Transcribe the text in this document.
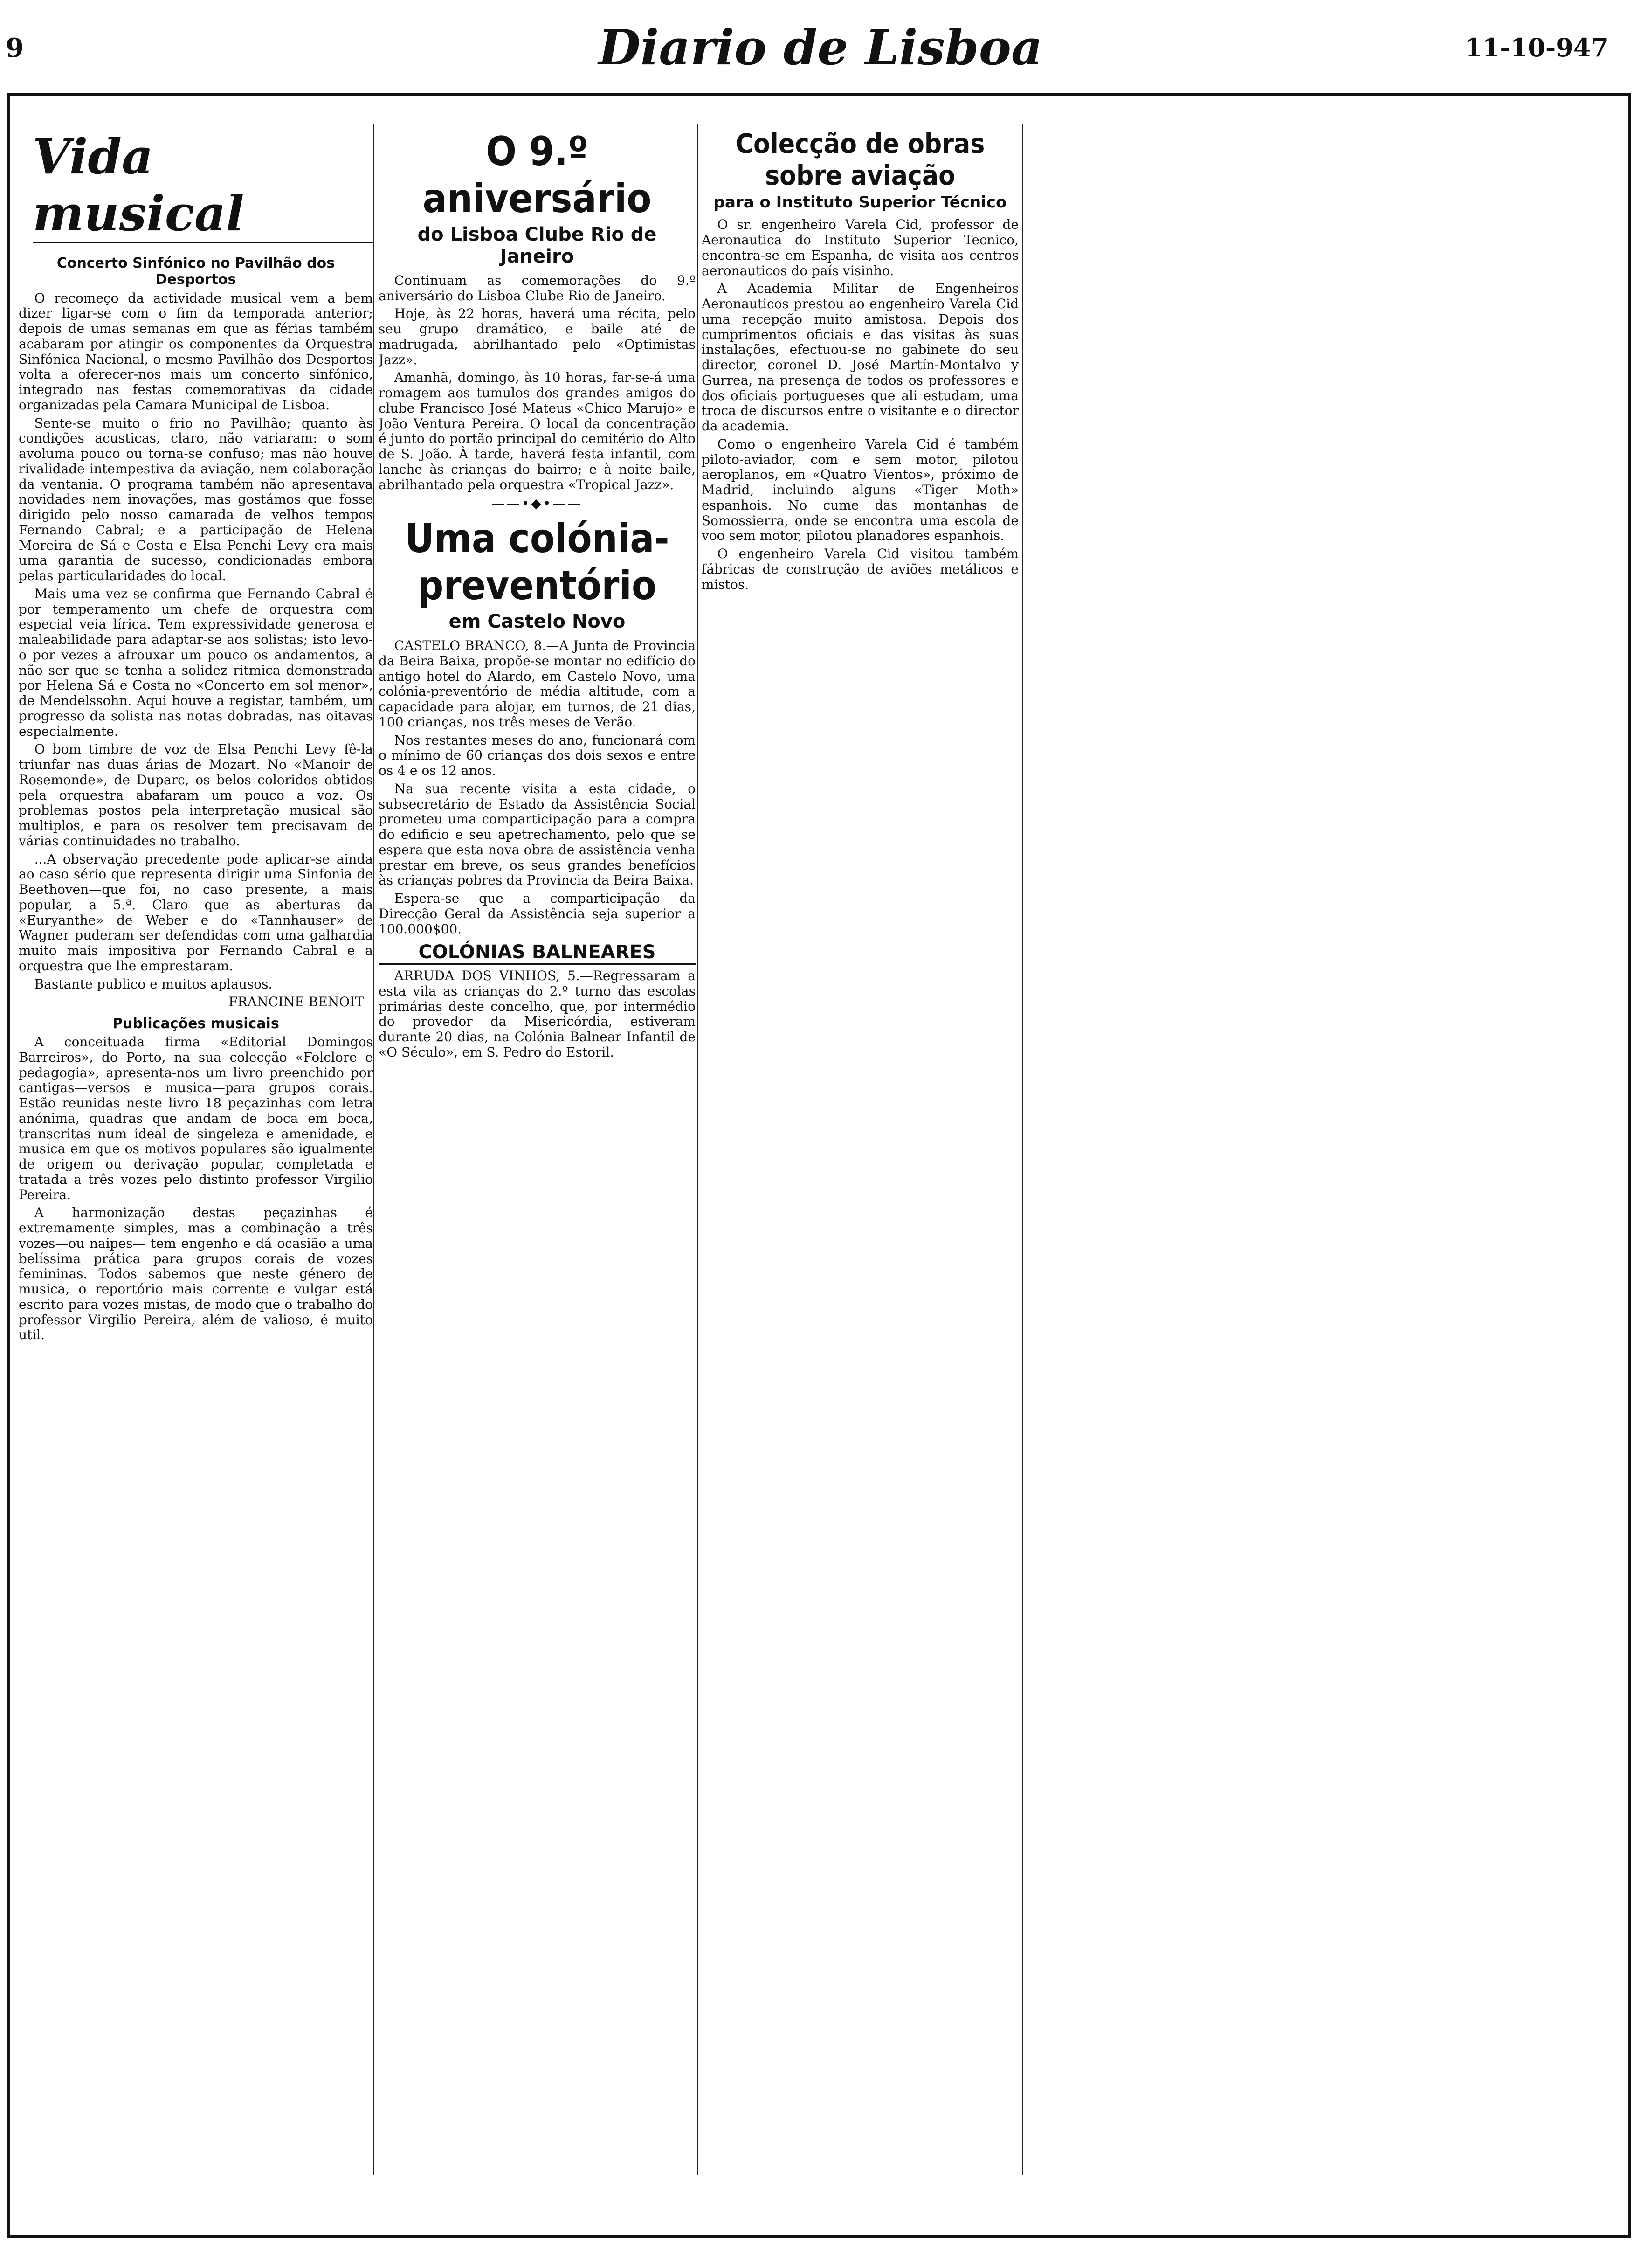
9	Diario de Lisboa	11-10-947
Vida musical
Concerto Sinfónico no Pavilhão dos Desportos

O recomeço da actividade musical vem a bem dizer ligar-se com o fim da temporada anterior; depois de umas semanas em que as férias também acabaram por atingir os componentes da Orquestra Sinfónica Nacional, o mesmo Pavilhão dos Desportos volta a oferecer-nos mais um concerto sinfónico, integrado nas festas comemorativas da cidade organizadas pela Camara Municipal de Lisboa.

Sente-se muito o frio no Pavilhão; quanto às condições acusticas, claro, não variaram: o som avoluma pouco ou torna-se confuso; mas não houve rivalidade intempestiva da aviação, nem colaboração da ventania. O programa também não apresentava novidades nem inovações, mas gostámos que fosse dirigido pelo nosso camarada de velhos tempos Fernando Cabral; e a participação de Helena Moreira de Sá e Costa e Elsa Penchi Levy era mais uma garantia de sucesso, condicionadas embora pelas particularidades do local.

Mais uma vez se confirma que Fernando Cabral é por temperamento um chefe de orquestra com especial veia lírica. Tem expressividade generosa e maleabilidade para adaptar-se aos solistas; isto levo-o por vezes a afrouxar um pouco os andamentos, a não ser que se tenha a solidez ritmica demonstrada por Helena Sá e Costa no «Concerto em sol menor», de Mendelssohn. Aqui houve a registar, também, um progresso da solista nas notas dobradas, nas oitavas especialmente.

O bom timbre de voz de Elsa Penchi Levy fê-la triunfar nas duas árias de Mozart. No «Manoir de Rosemonde», de Duparc, os belos coloridos obtidos pela orquestra abafaram um pouco a voz. Os problemas postos pela interpretação musical são multiplos, e para os resolver tem precisavam de várias continuidades no trabalho.

...A observação precedente pode aplicar-se ainda ao caso sério que representa dirigir uma Sinfonia de Beethoven—que foi, no caso presente, a mais popular, a 5.ª. Claro que as aberturas da «Euryanthe» de Weber e do «Tannhauser» de Wagner puderam ser defendidas com uma galhardia muito mais impositiva por Fernando Cabral e a orquestra que lhe emprestaram.

Bastante publico e muitos aplausos.

FRANCINE BENOIT
Publicações musicais

A conceituada firma «Editorial Domingos Barreiros», do Porto, na sua colecção «Folclore e pedagogia», apresenta-nos um livro preenchido por cantigas—versos e musica—para grupos corais. Estão reunidas neste livro 18 peçazinhas com letra anónima, quadras que andam de boca em boca, transcritas num ideal de singeleza e amenidade, e musica em que os motivos populares são igualmente de origem ou derivação popular, completada e tratada a três vozes pelo distinto professor Virgilio Pereira.

A harmonização destas peçazinhas é extremamente simples, mas a combinação a três vozes—ou naipes— tem engenho e dá ocasião a uma belíssima prática para grupos corais de vozes femininas. Todos sabemos que neste género de musica, o reportório mais corrente e vulgar está escrito para vozes mistas, de modo que o trabalho do professor Virgilio Pereira, além de valioso, é muito util.

O 9.º aniversário
do Lisboa Clube Rio de Janeiro

Continuam as comemorações do 9.º aniversário do Lisboa Clube Rio de Janeiro.

Hoje, às 22 horas, haverá uma récita, pelo seu grupo dramático, e baile até de madrugada, abrilhantado pelo «Optimistas Jazz».

Amanhã, domingo, às 10 horas, far-se-á uma romagem aos tumulos dos grandes amigos do clube Francisco José Mateus «Chico Marujo» e João Ventura Pereira. O local da concentração é junto do portão principal do cemitério do Alto de S. João. À tarde, haverá festa infantil, com lanche às crianças do bairro; e à noite baile, abrilhantado pela orquestra «Tropical Jazz».

——•◆•——
Uma colónia-preventório
em Castelo Novo

CASTELO BRANCO, 8.—A Junta de Provincia da Beira Baixa, propõe-se montar no edifício do antigo hotel do Alardo, em Castelo Novo, uma colónia-preventório de média altitude, com a capacidade para alojar, em turnos, de 21 dias, 100 crianças, nos três meses de Verão.

Nos restantes meses do ano, funcionará com o mínimo de 60 crianças dos dois sexos e entre os 4 e os 12 anos.

Na sua recente visita a esta cidade, o subsecretário de Estado da Assistência Social prometeu uma comparticipação para a compra do edificio e seu apetrechamento, pelo que se espera que esta nova obra de assistência venha prestar em breve, os seus grandes benefícios às crianças pobres da Provincia da Beira Baixa.

Espera-se que a comparticipação da Direcção Geral da Assistência seja superior a 100.000$00.

COLÓNIAS BALNEARES

ARRUDA DOS VINHOS, 5.—Regressaram a esta vila as crianças do 2.º turno das escolas primárias deste concelho, que, por intermédio do provedor da Misericórdia, estiveram durante 20 dias, na Colónia Balnear Infantil de «O Século», em S. Pedro do Estoril.

Colecção de obras sobre aviação
para o Instituto Superior Técnico

O sr. engenheiro Varela Cid, professor de Aeronautica do Instituto Superior Tecnico, encontra-se em Espanha, de visita aos centros aeronauticos do país visinho.

A Academia Militar de Engenheiros Aeronauticos prestou ao engenheiro Varela Cid uma recepção muito amistosa. Depois dos cumprimentos oficiais e das visitas às suas instalações, efectuou-se no gabinete do seu director, coronel D. José Martín-Montalvo y Gurrea, na presença de todos os professores e dos oficiais portugueses que ali estudam, uma troca de discursos entre o visitante e o director da academia.

Como o engenheiro Varela Cid é também piloto-aviador, com e sem motor, pilotou aeroplanos, em «Quatro Vientos», próximo de Madrid, incluindo alguns «Tiger Moth» espanhois. No cume das montanhas de Somossierra, onde se encontra uma escola de voo sem motor, pilotou planadores espanhois.

O engenheiro Varela Cid visitou também fábricas de construção de aviões metálicos e mistos.
